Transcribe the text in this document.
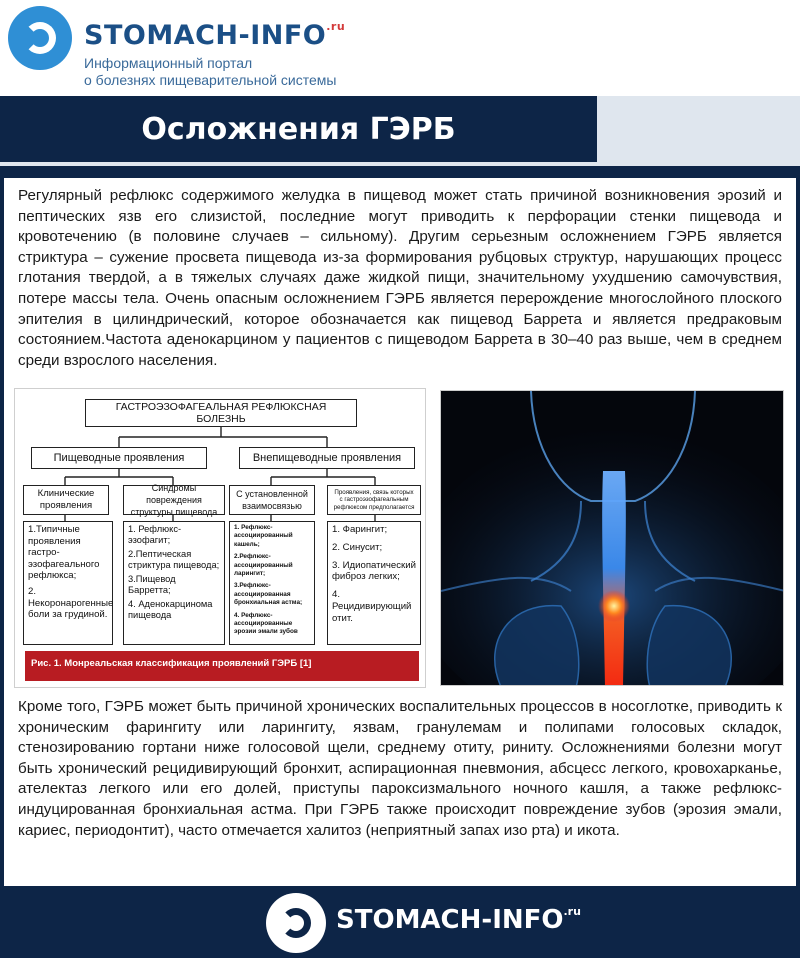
STOMACH-$INFO^{.ru}$
Информационный портал
о болезнях пищеварительной системы
Осложнения ГЭРБ

Регулярный рефлюкс содержимого желудка в пищевод может стать причиной возникновения эрозий и пептических язв его слизистой, последние могут приводить к перфорации стенки пищевода и кровотечению (в половине случаев – сильному). Другим серьезным осложнением ГЭРБ является стриктура – сужение просвета пищевода из-за формирования рубцовых структур, нарушающих процесс глотания твердой, а в тяжелых случаях даже жидкой пищи, значительному ухудшению самочувствия, потере массы тела. Очень опасным осложнением ГЭРБ является перерождение многослойного плоского эпителия в цилиндрический, которое обозначается как пищевод Баррета и является предраковым состоянием.Частота аденокарцином у пациентов с пищеводом Баррета в 30–40 раз выше, чем в среднем среди взрослого населения.

ГАСТРОЭЗОФАГЕАЛЬНАЯ РЕФЛЮКСНАЯ БОЛЕЗНЬ
Пищеводные проявления	Внепищеводные проявления
Клинические проявления
Синдромы повреждения структуры пищевода
С установленной взаимосвязью
Проявления, связь которых с гастроэзофагеальным рефлюксом предполагается
1.Типичные проявления гастро-эзофагеального рефлюкса;
2. Некоронарогенные боли за грудиной.
1. Рефлюкс-эзофагит;
2.Пептическая стриктура пищевода;
3.Пищевод Барретта;
4. Аденокарцинома пищевода
1. Рефлюкс-ассоциированный кашель;
2.Рефлюкс-ассоциированный ларингит;
3.Рефлюкс-ассоциированная бронхиальная астма;
4. Рефлюкс-ассоциированные эрозии эмали зубов
1. Фарингит;
2. Синусит;
3. Идиопатический фиброз легких;
4. Рецидивирующий отит.
Рис. 1. Монреальская классификация проявлений ГЭРБ [1]

Кроме того, ГЭРБ может быть причиной хронических воспалительных процессов в носоглотке, приводить к хроническим фарингиту или ларингиту, язвам, гранулемам и полипами голосовых складок, стенозированию гортани ниже голосовой щели, среднему отиту, риниту. Осложнениями болезни могут быть хронический рецидивирующий бронхит, аспирационная пневмония, абсцесс легкого, кровохарканье, ателектаз легкого или его долей, приступы пароксизмального ночного кашля, а также рефлюкс-индуцированная бронхиальная астма. При ГЭРБ также происходит повреждение зубов (эрозия эмали, кариес, периодонтит), часто отмечается халитоз (неприятный запах изо рта) и икота.

STOMACH-$INFO^{.ru}$
